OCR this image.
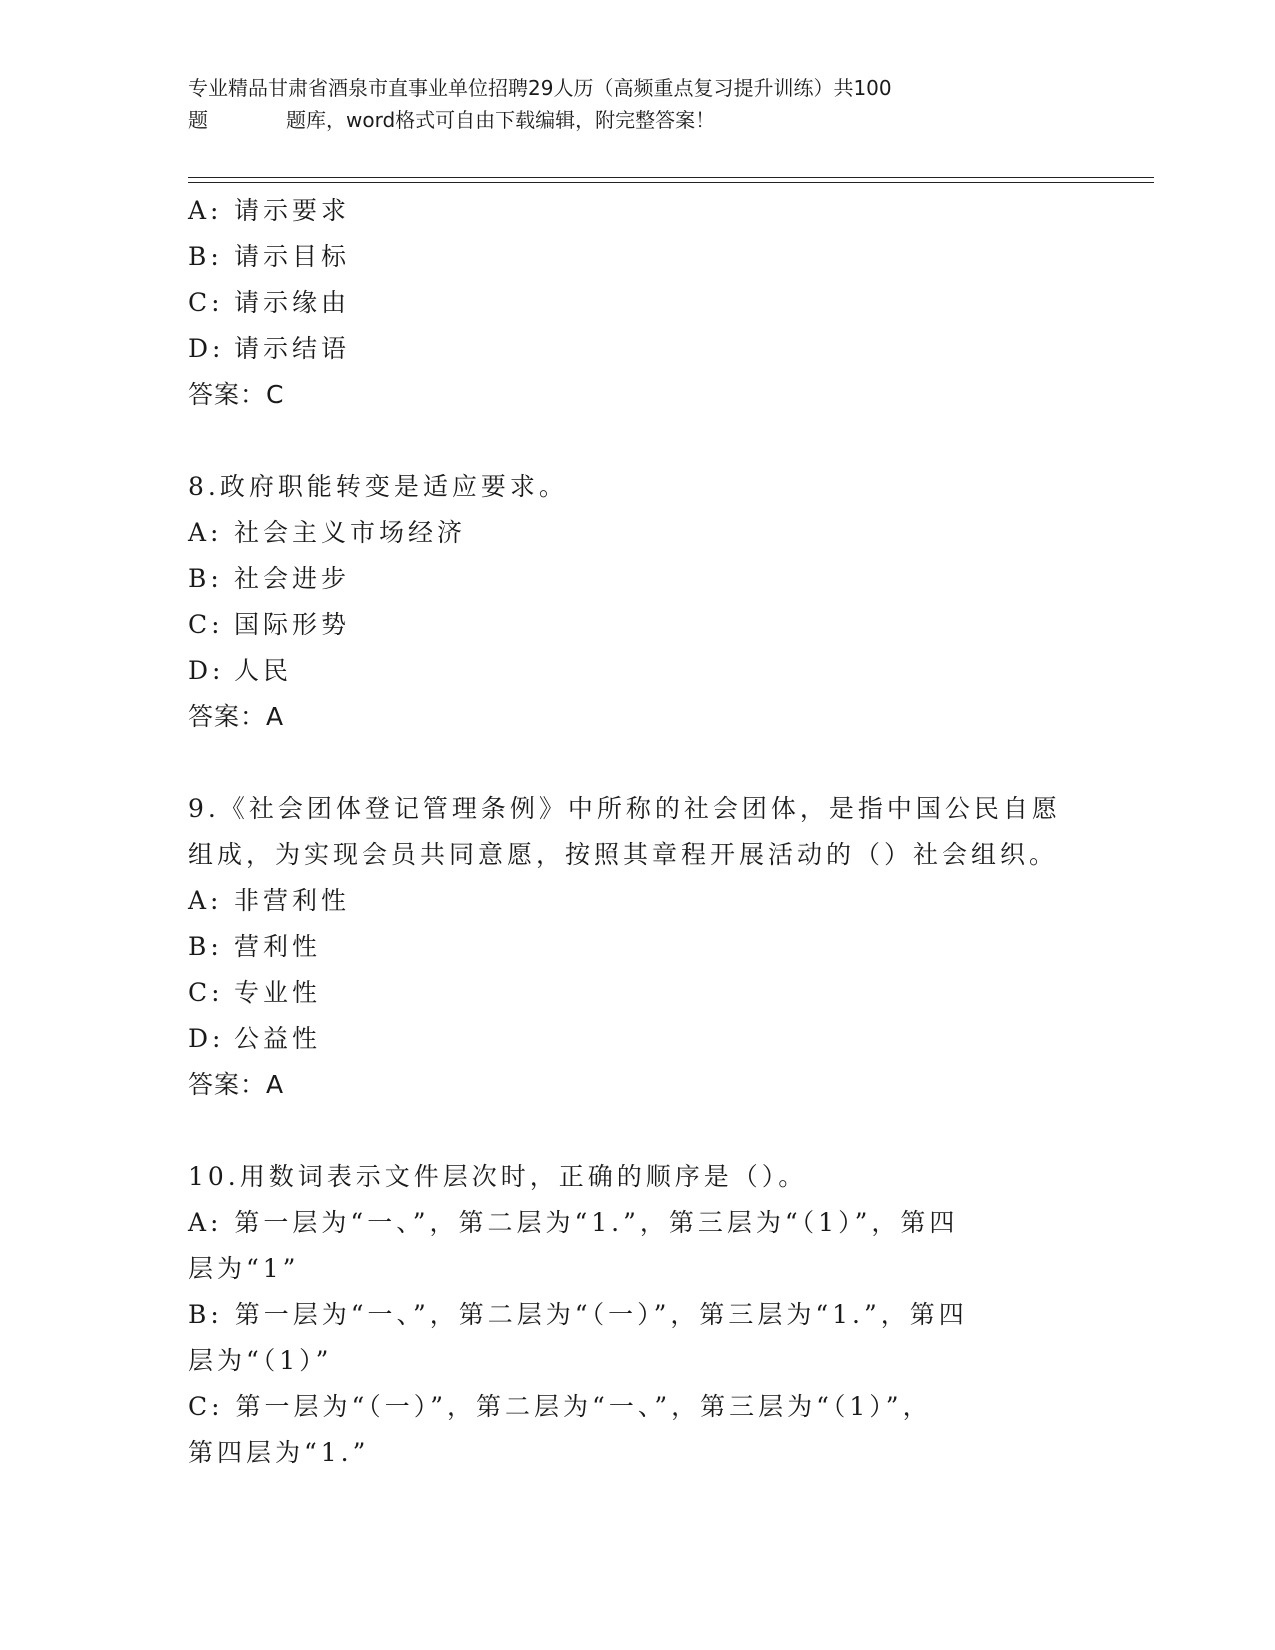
专业精品甘肃省酒泉市直事业单位招聘29人历（高频重点复习提升训练）共100
题	题库，word格式可自由下载编辑，附完整答案！
A: 请示要求
B: 请示目标
C: 请示缘由
D: 请示结语
答案：C
8.政府职能转变是适应要求。
A: 社会主义市场经济
B: 社会进步
C: 国际形势
D: 人民
答案：A
9.《社会团体登记管理条例》中所称的社会团体，是指中国公民自愿
组成，为实现会员共同意愿，按照其章程开展活动的（）社会组织。
A: 非营利性
B: 营利性
C: 专业性
D: 公益性
答案：A
10.用数词表示文件层次时，正确的顺序是（）。
A: 第一层为“一、”，第二层为“1.”，第三层为“（1）”，第四
层为“1”
B: 第一层为“一、”，第二层为“（一）”，第三层为“1.”，第四
层为“（1）”
C: 第一层为“（一）”，第二层为“一、”，第三层为“（1）”，
第四层为“1.”
